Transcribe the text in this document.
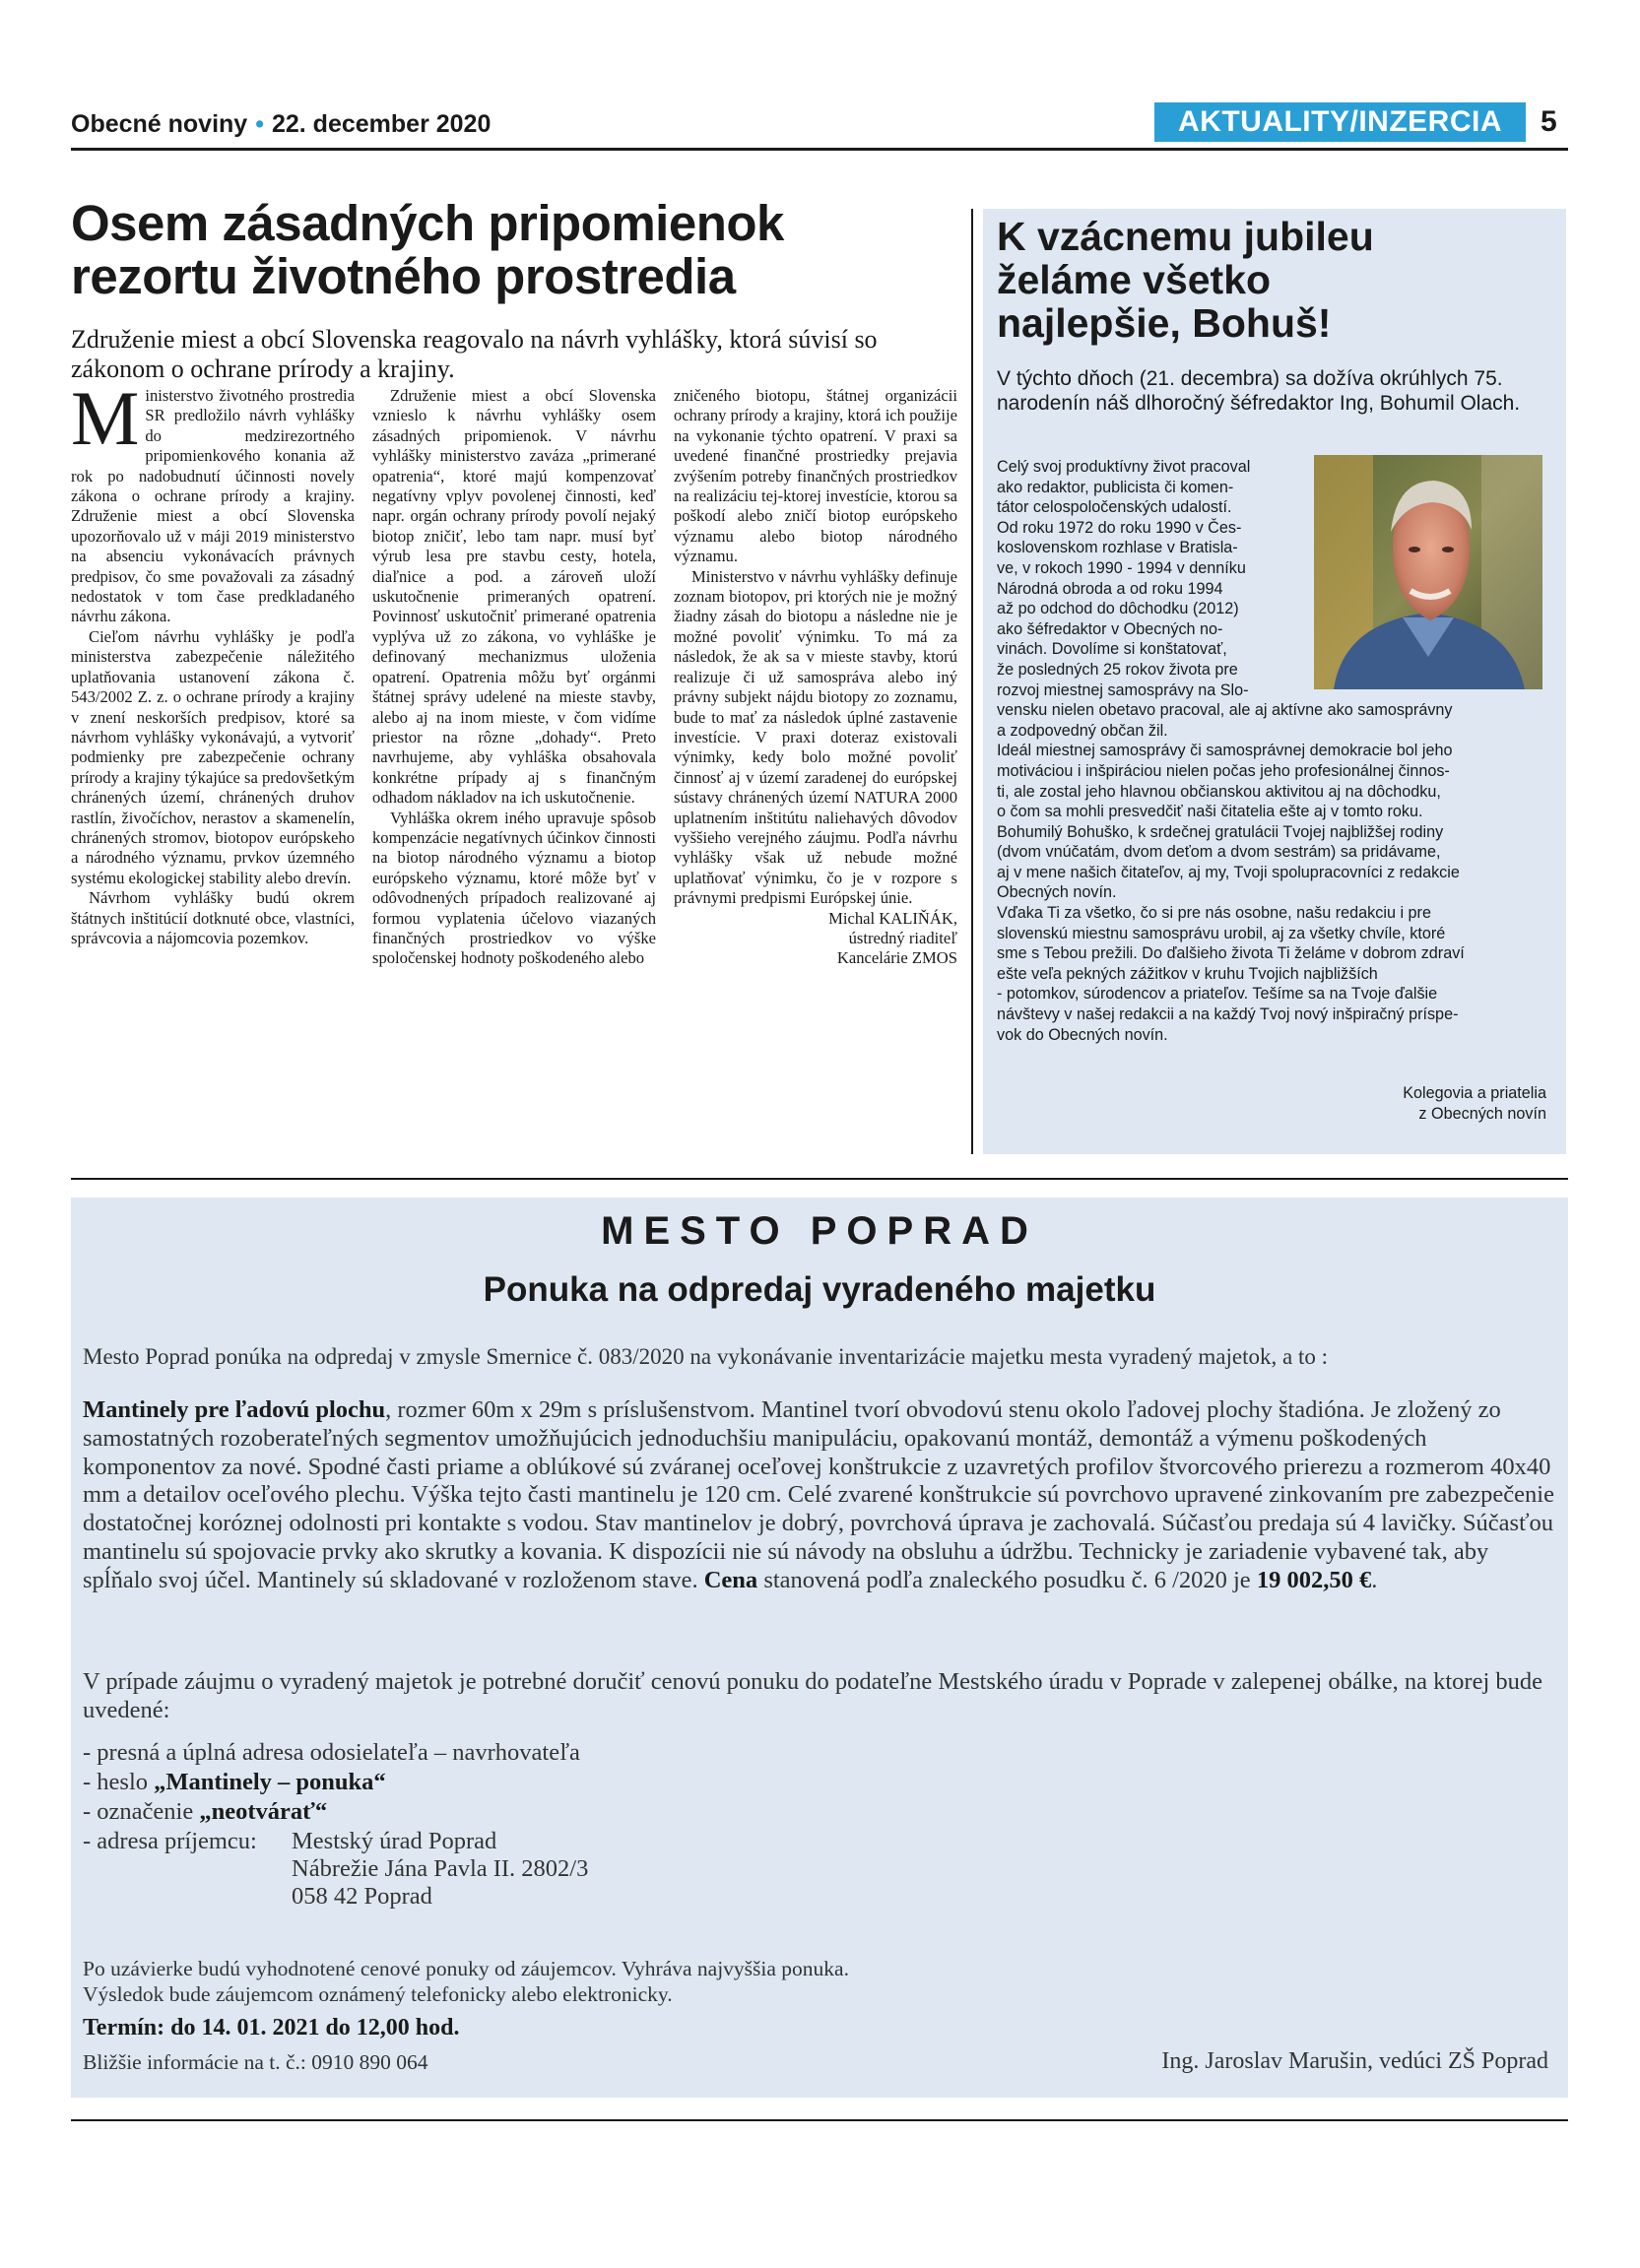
Obecné noviny • 22. december 2020	AKTUALITY/INZERCIA	5
Osem zásadných pripomienok
rezortu životného prostredia
Združenie miest a obcí Slovenska reagovalo na návrh vyhlášky, ktorá súvisí so zákonom o ochrane prírody a krajiny.

Ministerstvo životného prostredia SR predložilo návrh vyhlášky do medzirezortného pripomienkového konania až rok po nadobudnutí účinnosti novely zákona o ochrane prírody a krajiny. Združenie miest a obcí Slovenska upozorňovalo už v máji 2019 ministerstvo na absenciu vykonávacích právnych predpisov, čo sme považovali za zásadný nedostatok v tom čase predkladaného návrhu zákona.

Cieľom návrhu vyhlášky je podľa ministerstva zabezpečenie náležitého uplatňovania ustanovení zákona č. 543/2002 Z. z. o ochrane prírody a krajiny v znení neskorších predpisov, ktoré sa návrhom vyhlášky vykonávajú, a vytvoriť podmienky pre zabezpečenie ochrany prírody a krajiny týkajúce sa predovšetkým chránených území, chránených druhov rastlín, živočíchov, nerastov a skamenelín, chránených stromov, biotopov európskeho a národného významu, prvkov územného systému ekologickej stability alebo drevín.

Návrhom vyhlášky budú okrem štátnych inštitúcií dotknuté obce, vlastníci, správcovia a nájomcovia pozemkov.

Združenie miest a obcí Slovenska vznieslo k návrhu vyhlášky osem zásadných pripomienok. V návrhu vyhlášky ministerstvo zaváza „primerané opatrenia“, ktoré majú kompenzovať negatívny vplyv povolenej činnosti, keď napr. orgán ochrany prírody povolí nejaký biotop zničiť, lebo tam napr. musí byť výrub lesa pre stavbu cesty, hotela, diaľnice a pod. a zároveň uloží uskutočnenie primeraných opatrení. Povinnosť uskutočniť primerané opatrenia vyplýva už zo zákona, vo vyhláške je definovaný mechanizmus uloženia opatrení. Opatrenia môžu byť orgánmi štátnej správy udelené na mieste stavby, alebo aj na inom mieste, v čom vidíme priestor na rôzne „dohady“. Preto navrhujeme, aby vyhláška obsahovala konkrétne prípady aj s finančným odhadom nákladov na ich uskutočnenie.

Vyhláška okrem iného upravuje spôsob kompenzácie negatívnych účinkov činnosti na biotop národného významu a biotop európskeho významu, ktoré môže byť v odôvodnených prípadoch realizované aj formou vyplatenia účelovo viazaných finančných prostriedkov vo výške spoločenskej hodnoty poškodeného alebo

zničeného biotopu, štátnej organizácii ochrany prírody a krajiny, ktorá ich použije na vykonanie týchto opatrení. V praxi sa uvedené finančné prostriedky prejavia zvýšením potreby finančných prostriedkov na realizáciu tej-ktorej investície, ktorou sa poškodí alebo zničí biotop európskeho významu alebo biotop národného významu.

Ministerstvo v návrhu vyhlášky definuje zoznam biotopov, pri ktorých nie je možný žiadny zásah do biotopu a následne nie je možné povoliť výnimku. To má za následok, že ak sa v mieste stavby, ktorú realizuje či už samospráva alebo iný právny subjekt nájdu biotopy zo zoznamu, bude to mať za následok úplné zastavenie investície. V praxi doteraz existovali výnimky, kedy bolo možné povoliť činnosť aj v území zaradenej do európskej sústavy chránených území NATURA 2000 uplatnením inštitútu naliehavých dôvodov vyššieho verejného záujmu. Podľa návrhu vyhlášky však už nebude možné uplatňovať výnimku, čo je v rozpore s právnymi predpismi Európskej únie.

Michal KALIŇÁK,

ústredný riaditeľ

Kancelárie ZMOS

K vzácnemu jubileu
želáme všetko
najlepšie, Bohuš!
V týchto dňoch (21. decembra) sa dožíva okrúhlych 75. narodenín náš dlhoročný šéfredaktor Ing, Bohumil Olach.
Celý svoj produktívny život pracoval
ako redaktor, publicista či komen-
tátor celospoločenských udalostí.
Od roku 1972 do roku 1990 v Čes-
koslovenskom rozhlase v Bratisla-
ve, v rokoch 1990 - 1994 v denníku
Národná obroda a od roku 1994
až po odchod do dôchodku (2012)
ako šéfredaktor v Obecných no-
vinách. Dovolíme si konštatovať,
že posledných 25 rokov života pre
rozvoj miestnej samosprávy na Slo-
vensku nielen obetavo pracoval, ale aj aktívne ako samosprávny
a zodpovedný občan žil.
Ideál miestnej samosprávy či samosprávnej demokracie bol jeho
motiváciou i inšpiráciou nielen počas jeho profesionálnej činnos-
ti, ale zostal jeho hlavnou občianskou aktivitou aj na dôchodku,
o čom sa mohli presvedčiť naši čitatelia ešte aj v tomto roku.
Bohumilý Bohuško, k srdečnej gratulácii Tvojej najbližšej rodiny
(dvom vnúčatám, dvom deťom a dvom sestrám) sa pridávame,
aj v mene našich čitateľov, aj my, Tvoji spolupracovníci z redakcie
Obecných novín.
Vďaka Ti za všetko, čo si pre nás osobne, našu redakciu i pre
slovenskú miestnu samosprávu urobil, aj za všetky chvíle, ktoré
sme s Tebou prežili. Do ďalšieho života Ti želáme v dobrom zdraví
ešte veľa pekných zážitkov v kruhu Tvojich najbližších
- potomkov, súrodencov a priateľov. Tešíme sa na Tvoje ďalšie
návštevy v našej redakcii a na každý Tvoj nový inšpiračný príspe-
vok do Obecných novín.
Kolegovia a priatelia
z Obecných novín
MESTO POPRAD
Ponuka na odpredaj vyradeného majetku
Mesto Poprad ponúka na odpredaj v zmysle Smernice č. 083/2020 na vykonávanie inventarizácie majetku mesta vyradený majetok, a to :
Mantinely pre ľadovú plochu, rozmer 60m x 29m s príslušenstvom. Mantinel tvorí obvodovú stenu okolo ľadovej plochy štadióna. Je zložený zo samostatných rozoberateľných segmentov umožňujúcich jednoduchšiu manipuláciu, opakovanú montáž, demontáž a výmenu poškodených komponentov za nové. Spodné časti priame a oblúkové sú zváranej oceľovej konštrukcie z uzavretých profilov štvorcového prierezu a rozmerom 40x40 mm a detailov oceľového plechu. Výška tejto časti mantinelu je 120 cm. Celé zvarené konštrukcie sú povrchovo upravené zinkovaním pre zabezpečenie dostatočnej koróznej odolnosti pri kontakte s vodou. Stav mantinelov je dobrý, povrchová úprava je zachovalá. Súčasťou predaja sú 4 lavičky. Súčasťou mantinelu sú spojovacie prvky ako skrutky a kovania. K dispozícii nie sú návody na obsluhu a údržbu. Technicky je zariadenie vybavené tak, aby spĺňalo svoj účel. Mantinely sú skladované v rozloženom stave. Cena stanovená podľa znaleckého posudku č. 6 /2020 je 19 002,50 €.
V prípade záujmu o vyradený majetok je potrebné doručiť cenovú ponuku do podateľne Mestského úradu v Poprade v zalepenej obálke, na ktorej bude uvedené:
- presná a úplná adresa odosielateľa – navrhovateľa
- heslo „Mantinely – ponuka“
- označenie „neotvárať“
- adresa príjemcu: Mestský úrad Poprad
Nábrežie Jána Pavla II. 2802/3
058 42 Poprad
Po uzávierke budú vyhodnotené cenové ponuky od záujemcov. Vyhráva najvyššia ponuka.
Výsledok bude záujemcom oznámený telefonicky alebo elektronicky.
Termín: do 14. 01. 2021 do 12,00 hod.
Bližšie informácie na t. č.: 0910 890 064	Ing. Jaroslav Marušin, vedúci ZŠ Poprad
